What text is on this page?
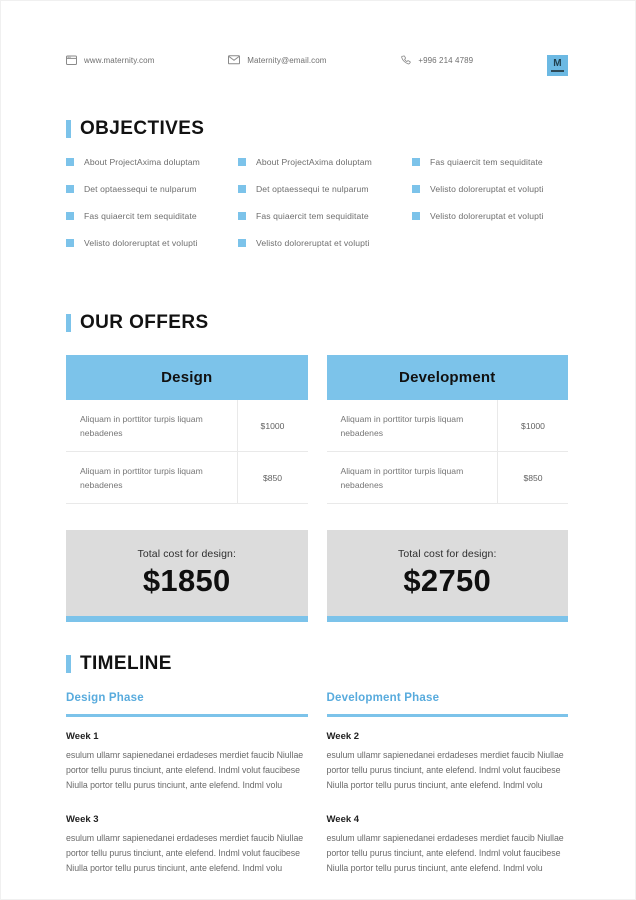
www.maternity.com	Maternity@email.com	+996 214 4789	M
OBJECTIVES
About ProjectAxima doluptam
Det optaessequi te nulparum
Fas quiaercit tem sequiditate
Velisto doloreruptat et volupti
About ProjectAxima doluptam
Det optaessequi te nulparum
Fas quiaercit tem sequiditate
Velisto doloreruptat et volupti
Fas quiaercit tem sequiditate
Velisto doloreruptat et volupti
Velisto doloreruptat et volupti
OUR OFFERS
Design
Aliquam in porttitor turpis liquam nebadenes
$1000
Aliquam in porttitor turpis liquam nebadenes
$850
Development
Aliquam in porttitor turpis liquam nebadenes
$1000
Aliquam in porttitor turpis liquam nebadenes
$850
Total cost for design:
$1850
Total cost for design:
$2750
TIMELINE
Design Phase
Week 1
esulum ullamr sapienedanei erdadeses merdiet faucib Niullae portor tellu purus tinciunt, ante elefend. Indml volut faucibese Niulla portor tellu purus tinciunt, ante elefend. Indml volu
Week 3
esulum ullamr sapienedanei erdadeses merdiet faucib Niullae portor tellu purus tinciunt, ante elefend. Indml volut faucibese Niulla portor tellu purus tinciunt, ante elefend. Indml volu
Development Phase
Week 2
esulum ullamr sapienedanei erdadeses merdiet faucib Niullae portor tellu purus tinciunt, ante elefend. Indml volut faucibese Niulla portor tellu purus tinciunt, ante elefend. Indml volu
Week 4
esulum ullamr sapienedanei erdadeses merdiet faucib Niullae portor tellu purus tinciunt, ante elefend. Indml volut faucibese Niulla portor tellu purus tinciunt, ante elefend. Indml volu
